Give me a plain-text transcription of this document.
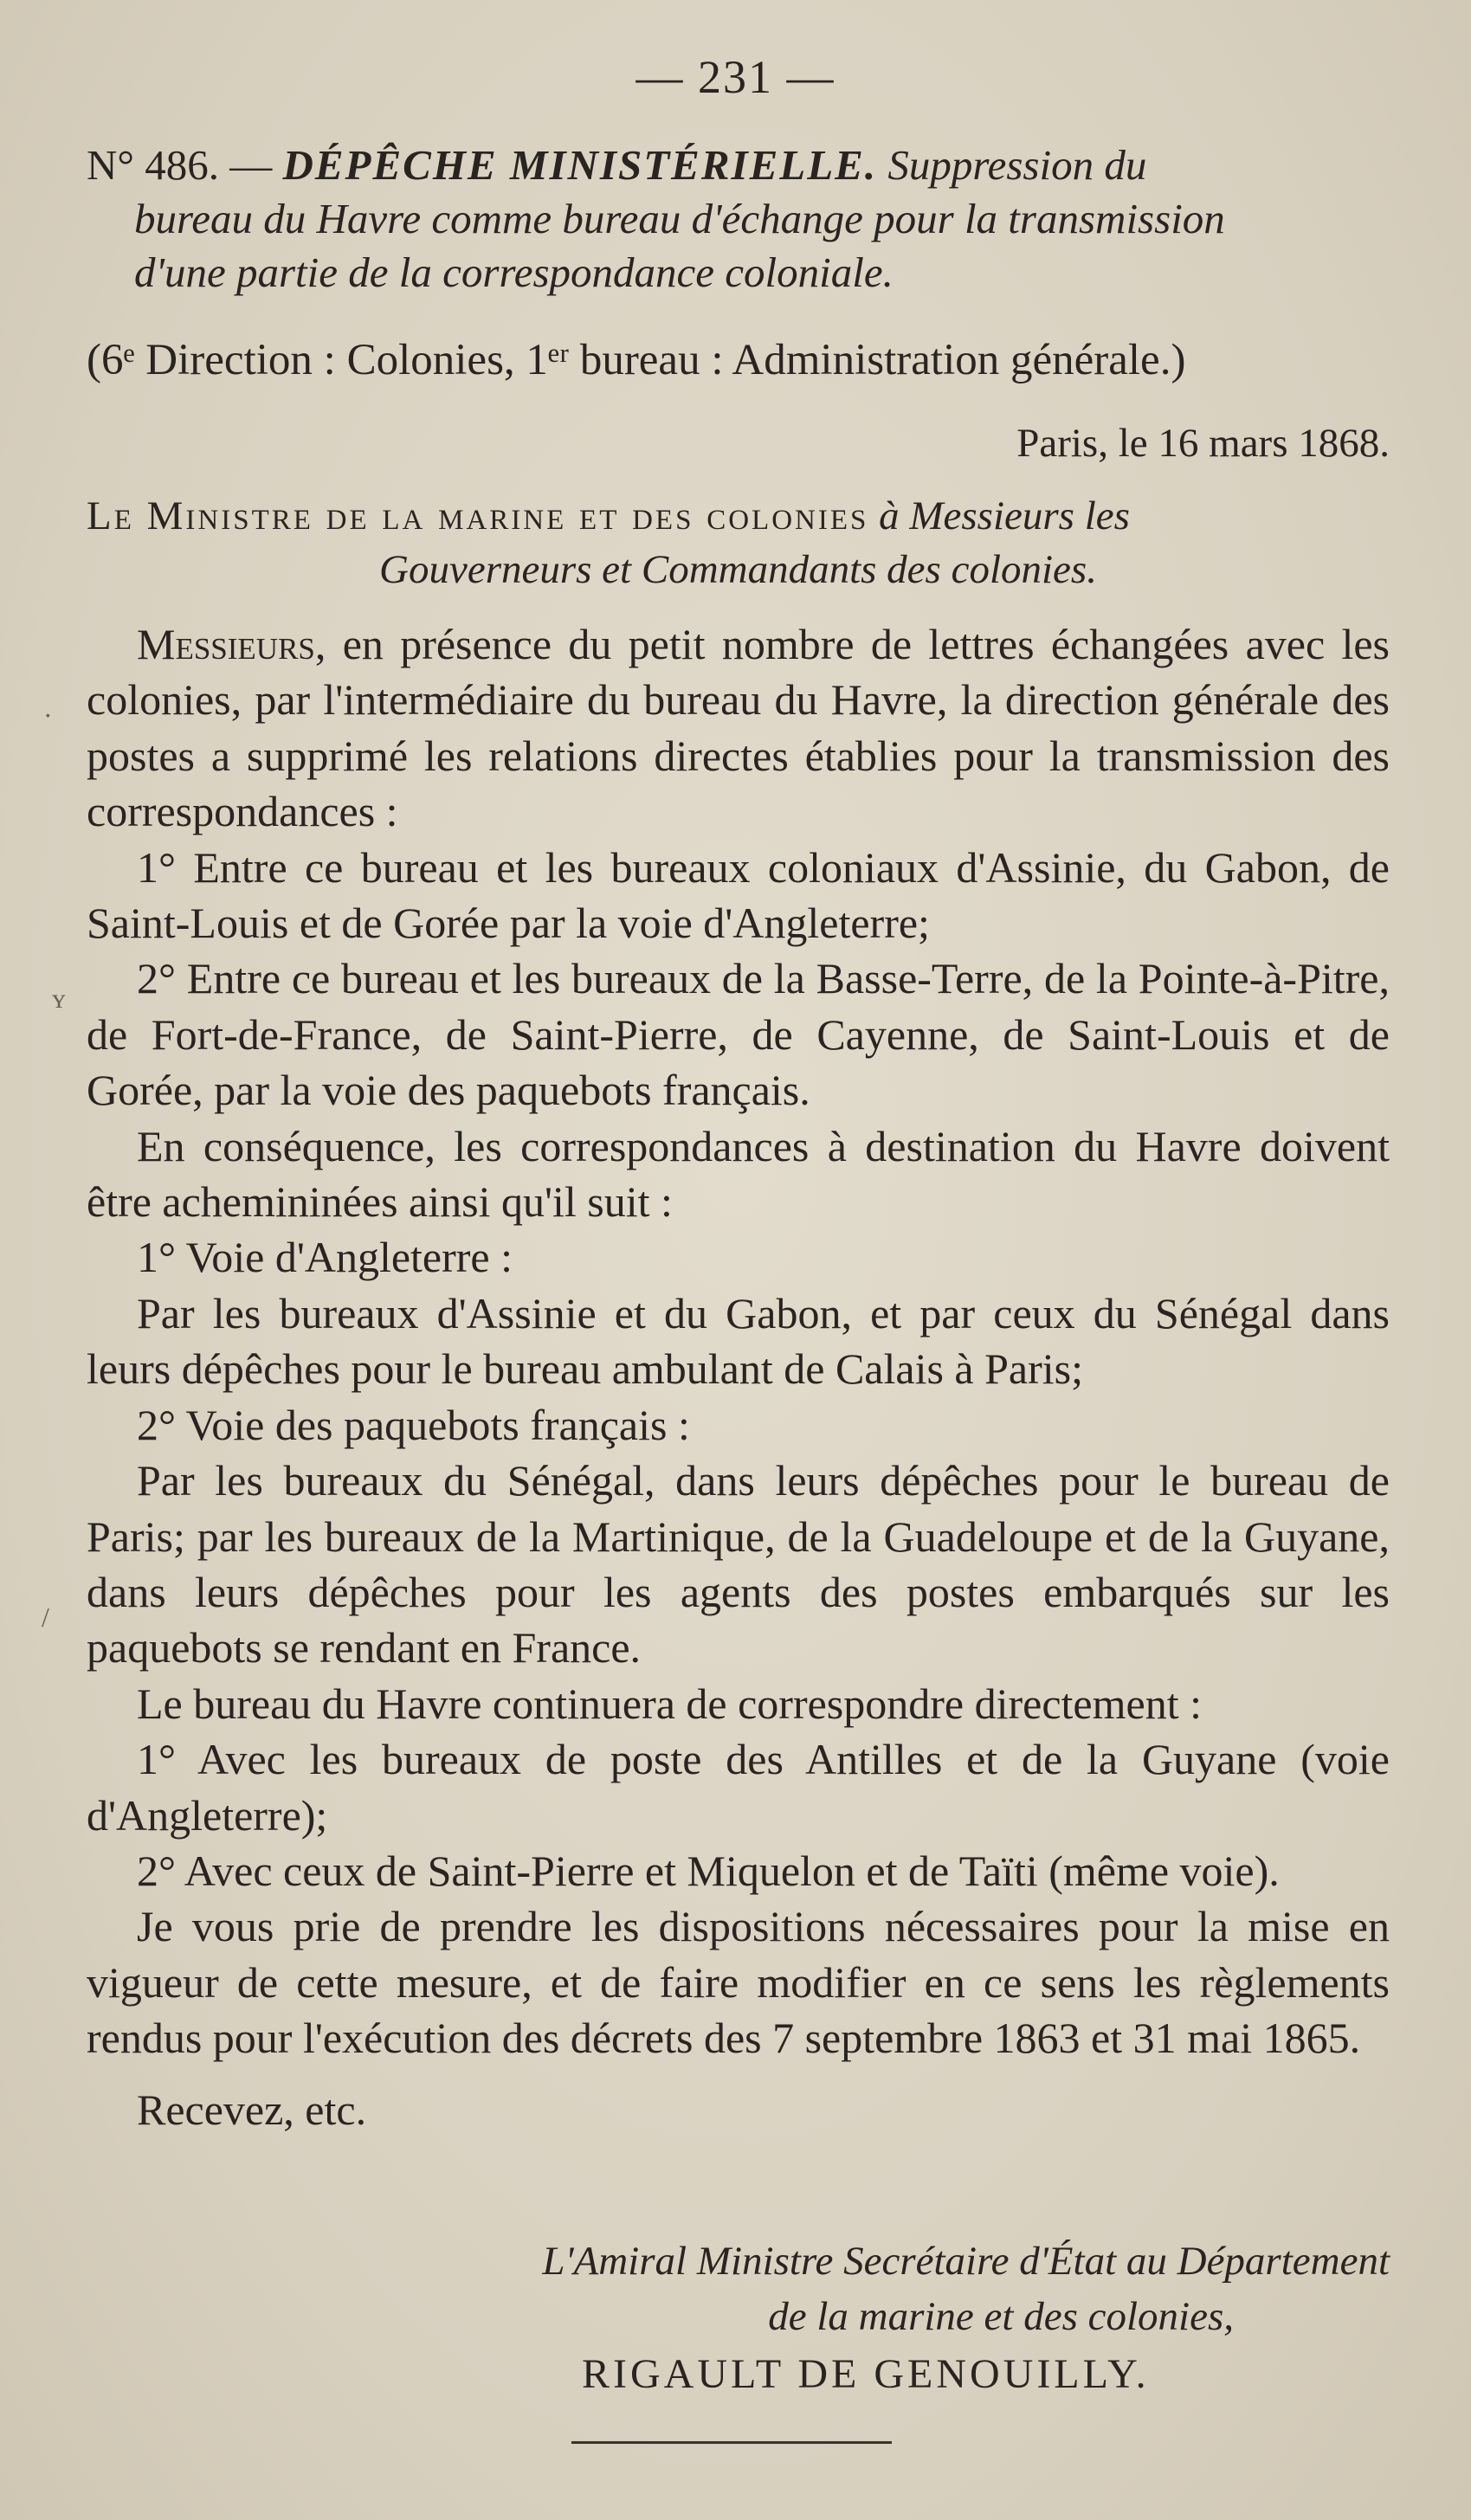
— 231 —
N° 486. — DÉPÊCHE MINISTÉRIELLE. Suppression du
bureau du Havre comme bureau d'échange pour la transmission
d'une partie de la correspondance coloniale.
(6ᵉ Direction : Colonies, 1ᵉʳ bureau : Administration générale.)
Paris, le 16 mars 1868.
Le Ministre de la marine et des colonies à Messieurs les
Gouverneurs et Commandants des colonies.

Messieurs, en présence du petit nombre de lettres échangées avec les colonies, par l'intermédiaire du bureau du Havre, la direction générale des postes a supprimé les relations directes établies pour la transmission des correspondances :

1° Entre ce bureau et les bureaux coloniaux d'Assinie, du Gabon, de Saint-Louis et de Gorée par la voie d'Angleterre;

2° Entre ce bureau et les bureaux de la Basse-Terre, de la Pointe-à-Pitre, de Fort-de-France, de Saint-Pierre, de Cayenne, de Saint-Louis et de Gorée, par la voie des paquebots français.

En conséquence, les correspondances à destination du Havre doivent être achemininées ainsi qu'il suit :

1° Voie d'Angleterre :

Par les bureaux d'Assinie et du Gabon, et par ceux du Sénégal dans leurs dépêches pour le bureau ambulant de Calais à Paris;

2° Voie des paquebots français :

Par les bureaux du Sénégal, dans leurs dépêches pour le bureau de Paris; par les bureaux de la Martinique, de la Guadeloupe et de la Guyane, dans leurs dépêches pour les agents des postes embarqués sur les paquebots se rendant en France.

Le bureau du Havre continuera de correspondre directement :

1° Avec les bureaux de poste des Antilles et de la Guyane (voie d'Angleterre);

2° Avec ceux de Saint-Pierre et Miquelon et de Taïti (même voie).

Je vous prie de prendre les dispositions nécessaires pour la mise en vigueur de cette mesure, et de faire modifier en ce sens les règlements rendus pour l'exécution des décrets des 7 septembre 1863 et 31 mai 1865.

Recevez, etc.

L'Amiral Ministre Secrétaire d'État au Département

de la marine et des colonies,
RIGAULT DE GENOUILLY.
·
ʏ
/
